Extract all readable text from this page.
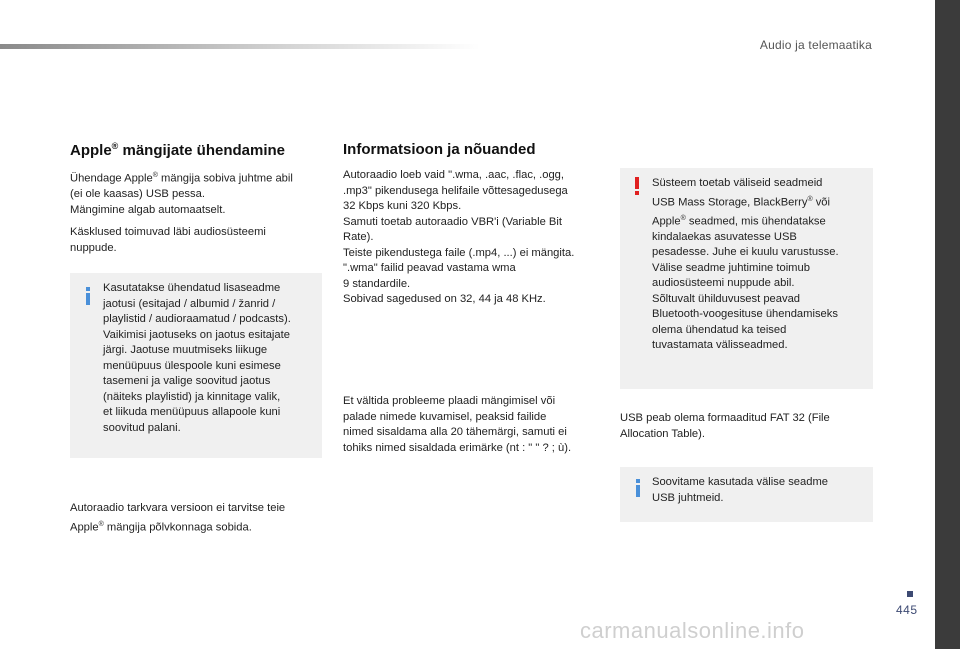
Audio ja telemaatika
Apple® mängijate ühendamine

Ühendage Apple® mängija sobiva juhtme abil
(ei ole kaasas) USB pessa.
Mängimine algab automaatselt.

Käsklused toimuvad läbi audiosüsteemi
nuppude.

Kasutatakse ühendatud lisaseadme
jaotusi (esitajad / albumid / žanrid /
playlistid / audioraamatud / podcasts).
Vaikimisi jaotuseks on jaotus esitajate
järgi. Jaotuse muutmiseks liikuge
menüüpuus ülespoole kuni esimese
tasemeni ja valige soovitud jaotus
(näiteks playlistid) ja kinnitage valik,
et liikuda menüüpuus allapoole kuni
soovitud palani.

Autoraadio tarkvara versioon ei tarvitse teie
Apple® mängija põlvkonnaga sobida.

Informatsioon ja nõuanded

Autoraadio loeb vaid ".wma, .aac, .flac, .ogg,
.mp3" pikendusega helifaile võttesagedusega
32 Kbps kuni 320 Kbps.
Samuti toetab autoraadio VBR'i (Variable Bit
Rate).
Teiste pikendustega faile (.mp4, ...) ei mängita.
".wma" failid peavad vastama wma
9 standardile.
Sobivad sagedused on 32, 44 ja 48 KHz.

Et vältida probleeme plaadi mängimisel või
palade nimede kuvamisel, peaksid failide
nimed sisaldama alla 20 tähemärgi, samuti ei
tohiks nimed sisaldada erimärke (nt : " " ? ; ù).

Süsteem toetab väliseid seadmeid
USB Mass Storage, BlackBerry® või
Apple® seadmed, mis ühendatakse
kindalaekas asuvatesse USB
pesadesse. Juhe ei kuulu varustusse.
Välise seadme juhtimine toimub
audiosüsteemi nuppude abil.
Sõltuvalt ühilduvusest peavad
Bluetooth-voogesituse ühendamiseks
olema ühendatud ka teised
tuvastamata välisseadmed.

USB peab olema formaaditud FAT 32 (File
Allocation Table).

Soovitame kasutada välise seadme
USB juhtmeid.
445
carmanualsonline.info
